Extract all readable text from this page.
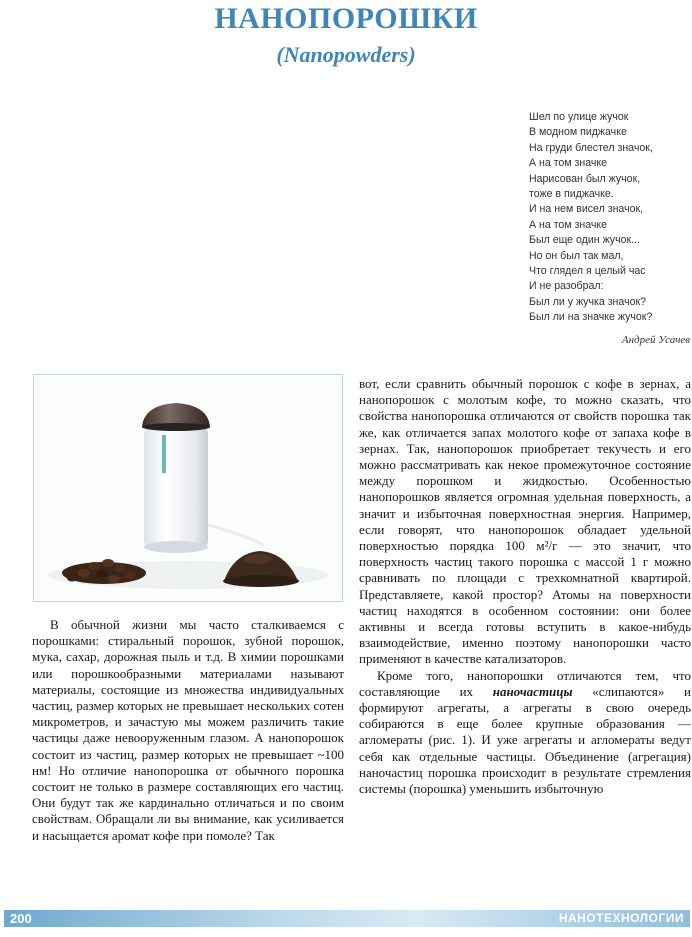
НАНОПОРОШКИ
(Nanopowders)
Шел по улице жучок
В модном пиджачке
На груди блестел значок,
А на том значке
Нарисован был жучок,
тоже в пиджачке.
И на нем висел значок,
А на том значке
Был еще один жучок...
Но он был так мал,
Что глядел я целый час
И не разобрал:
Был ли у жучка значок?
Был ли на значке жучок?
Андрей Усачев

В обычной жизни мы часто сталкиваемся с порошками: стиральный порошок, зубной порошок, мука, сахар, дорожная пыль и т.д. В химии порошками или порошкообразными материалами называют материалы, состоящие из множества индивидуальных частиц, размер которых не превышает нескольких сотен микрометров, и зачастую мы можем различить такие частицы даже невооруженным глазом. А нанопорошок состоит из частиц, размер которых не превышает ~100 нм! Но отличие нанопорошка от обычного порошка состоит не только в размере составляющих его частиц. Они будут так же кардинально отличаться и по своим свойствам. Обращали ли вы внимание, как усиливается и насыщается аромат кофе при помоле? Так

вот, если сравнить обычный порошок с кофе в зернах, а нанопорошок с молотым кофе, то можно сказать, что свойства нанопорошка отличаются от свойств порошка так же, как отличается запах молотого кофе от запаха кофе в зернах. Так, нанопорошок приобретает текучесть и его можно рассматривать как некое промежуточное состояние между порошком и жидкостью. Особенностью нанопорошков является огромная удельная поверхность, а значит и избыточная поверхностная энергия. Например, если говорят, что нанопорошок обладает удельной поверхностью порядка 100 м²/г — это значит, что поверхность частиц такого порошка с массой 1 г можно сравнивать по площади с трехкомнатной квартирой. Представляете, какой простор? Атомы на поверхности частиц находятся в особенном состоянии: они более активны и всегда готовы вступить в какое-нибудь взаимодействие, именно поэтому нанопорошки часто применяют в качестве катализаторов.

Кроме того, нанопорошки отличаются тем, что составляющие их наночастицы «слипаются» и формируют агрегаты, а агрегаты в свою очередь собираются в еще более крупные образования — агломераты (рис. 1). И уже агрегаты и агломераты ведут себя как отдельные частицы. Объединение (агрегация) наночастиц порошка происходит в результате стремления системы (порошка) уменьшить избыточную

200	НАНОТЕХНОЛОГИИ
